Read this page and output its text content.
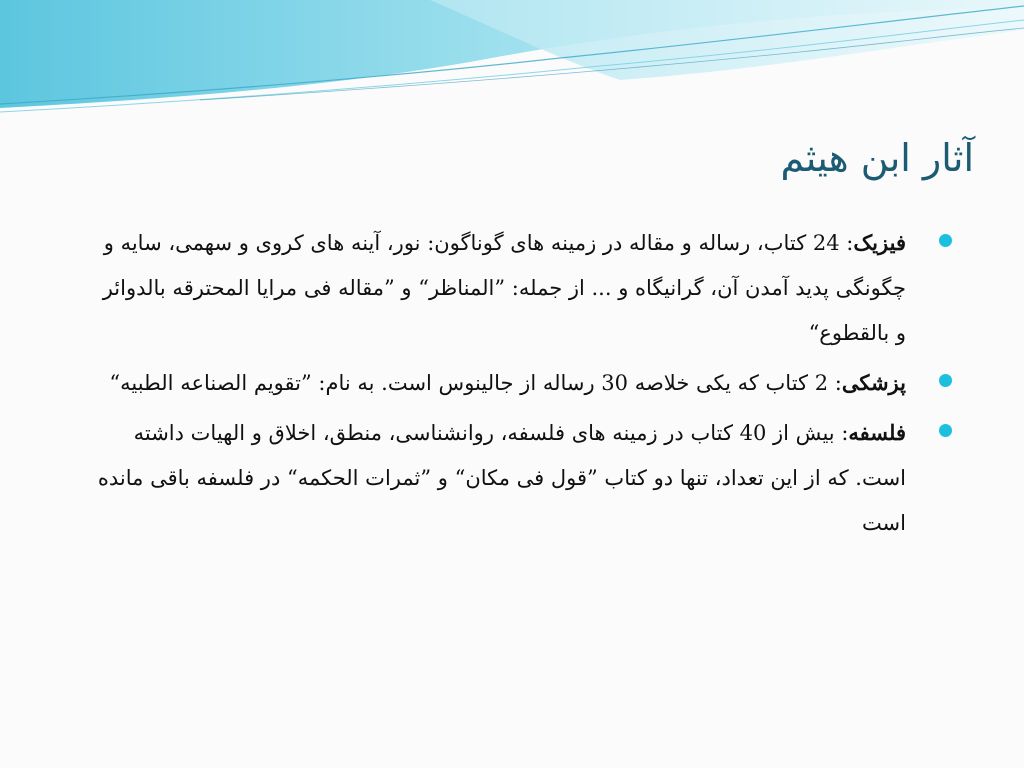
آثار ابن هیثم
فیزیک: 24 کتاب، رساله و مقاله در زمینه های گوناگون: نور، آینه های کروی و سهمی، سایه و چگونگی پدید آمدن آن، گرانیگاه و ... از جمله: ”المناظر“ و ”مقاله فی مرایا المحترقه بالدوائر و بالقطوع“
پزشکی: 2 کتاب که یکی خلاصه 30 رساله از جالینوس است. به نام: ”تقویم الصناعه الطبیه“
فلسفه: بیش از 40 کتاب در زمینه های فلسفه، روانشناسی، منطق، اخلاق و الهیات داشته است. که از این تعداد، تنها دو کتاب ”قول فی مکان“ و ”ثمرات الحکمه“ در فلسفه باقی مانده است
